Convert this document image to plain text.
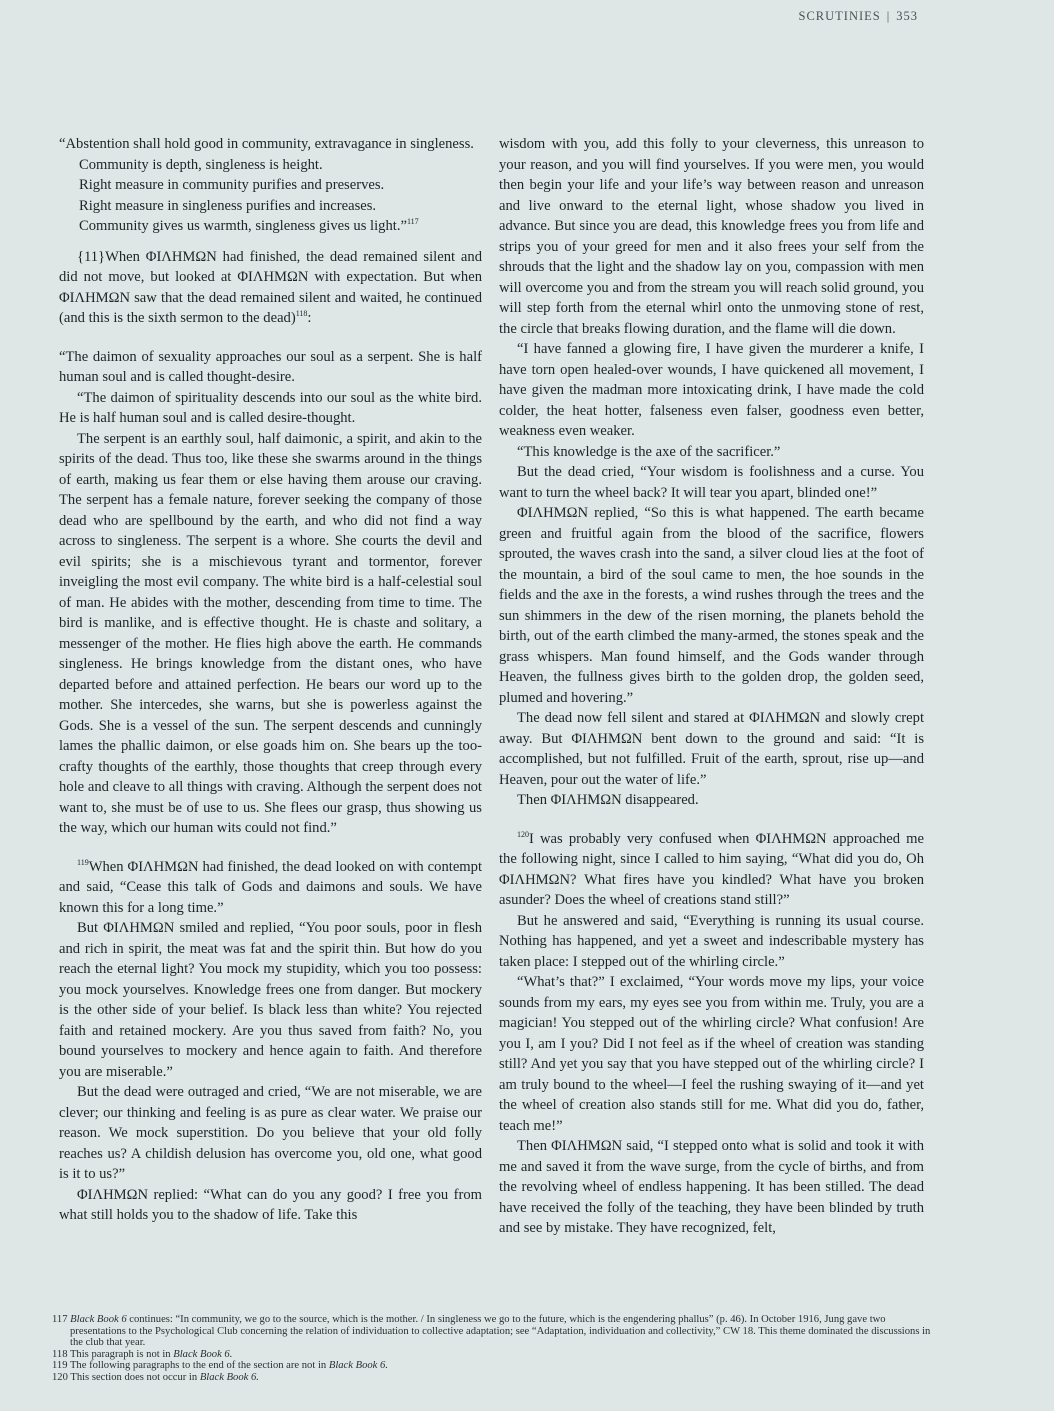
SCRUTINIES | 353

“Abstention shall hold good in community, extravagance in singleness.

Community is depth, singleness is height.
Right measure in community purifies and preserves.
Right measure in singleness purifies and increases.
Community gives us warmth, singleness gives us light.”$^{117}$

{11}When ΦΙΛΗΜΩΝ had finished, the dead remained silent and did not move, but looked at ΦΙΛΗΜΩΝ with expectation. But when ΦΙΛΗΜΩΝ saw that the dead remained silent and waited, he continued (and this is the sixth sermon to the dead)$^{118}$:

“The daimon of sexuality approaches our soul as a serpent. She is half human soul and is called thought-desire.

“The daimon of spirituality descends into our soul as the white bird. He is half human soul and is called desire-thought.

The serpent is an earthly soul, half daimonic, a spirit, and akin to the spirits of the dead. Thus too, like these she swarms around in the things of earth, making us fear them or else having them arouse our craving. The serpent has a female nature, forever seeking the company of those dead who are spellbound by the earth, and who did not find a way across to singleness. The serpent is a whore. She courts the devil and evil spirits; she is a mischievous tyrant and tormentor, forever inveigling the most evil company. The white bird is a half-celestial soul of man. He abides with the mother, descending from time to time. The bird is manlike, and is effective thought. He is chaste and solitary, a messenger of the mother. He flies high above the earth. He commands singleness. He brings knowledge from the distant ones, who have departed before and attained perfection. He bears our word up to the mother. She intercedes, she warns, but she is powerless against the Gods. She is a vessel of the sun. The serpent descends and cunningly lames the phallic daimon, or else goads him on. She bears up the too-crafty thoughts of the earthly, those thoughts that creep through every hole and cleave to all things with craving. Although the serpent does not want to, she must be of use to us. She flees our grasp, thus showing us the way, which our human wits could not find.”

$^{119}$When ΦΙΛΗΜΩΝ had finished, the dead looked on with contempt and said, “Cease this talk of Gods and daimons and souls. We have known this for a long time.”

But ΦΙΛΗΜΩΝ smiled and replied, “You poor souls, poor in flesh and rich in spirit, the meat was fat and the spirit thin. But how do you reach the eternal light? You mock my stupidity, which you too possess: you mock yourselves. Knowledge frees one from danger. But mockery is the other side of your belief. Is black less than white? You rejected faith and retained mockery. Are you thus saved from faith? No, you bound yourselves to mockery and hence again to faith. And therefore you are miserable.”

But the dead were outraged and cried, “We are not miserable, we are clever; our thinking and feeling is as pure as clear water. We praise our reason. We mock superstition. Do you believe that your old folly reaches us? A childish delusion has overcome you, old one, what good is it to us?”

ΦΙΛΗΜΩΝ replied: “What can do you any good? I free you from what still holds you to the shadow of life. Take this

wisdom with you, add this folly to your cleverness, this unreason to your reason, and you will find yourselves. If you were men, you would then begin your life and your life’s way between reason and unreason and live onward to the eternal light, whose shadow you lived in advance. But since you are dead, this knowledge frees you from life and strips you of your greed for men and it also frees your self from the shrouds that the light and the shadow lay on you, compassion with men will overcome you and from the stream you will reach solid ground, you will step forth from the eternal whirl onto the unmoving stone of rest, the circle that breaks flowing duration, and the flame will die down.

“I have fanned a glowing fire, I have given the murderer a knife, I have torn open healed-over wounds, I have quickened all movement, I have given the madman more intoxicating drink, I have made the cold colder, the heat hotter, falseness even falser, goodness even better, weakness even weaker.

“This knowledge is the axe of the sacrificer.”

But the dead cried, “Your wisdom is foolishness and a curse. You want to turn the wheel back? It will tear you apart, blinded one!”

ΦΙΛΗΜΩΝ replied, “So this is what happened. The earth became green and fruitful again from the blood of the sacrifice, flowers sprouted, the waves crash into the sand, a silver cloud lies at the foot of the mountain, a bird of the soul came to men, the hoe sounds in the fields and the axe in the forests, a wind rushes through the trees and the sun shimmers in the dew of the risen morning, the planets behold the birth, out of the earth climbed the many-armed, the stones speak and the grass whispers. Man found himself, and the Gods wander through Heaven, the fullness gives birth to the golden drop, the golden seed, plumed and hovering.”

The dead now fell silent and stared at ΦΙΛΗΜΩΝ and slowly crept away. But ΦΙΛΗΜΩΝ bent down to the ground and said: “It is accomplished, but not fulfilled. Fruit of the earth, sprout, rise up—and Heaven, pour out the water of life.”

Then ΦΙΛΗΜΩΝ disappeared.

$^{120}$I was probably very confused when ΦΙΛΗΜΩΝ approached me the following night, since I called to him saying, “What did you do, Oh ΦΙΛΗΜΩΝ? What fires have you kindled? What have you broken asunder? Does the wheel of creations stand still?”

But he answered and said, “Everything is running its usual course. Nothing has happened, and yet a sweet and indescribable mystery has taken place: I stepped out of the whirling circle.”

“What’s that?” I exclaimed, “Your words move my lips, your voice sounds from my ears, my eyes see you from within me. Truly, you are a magician! You stepped out of the whirling circle? What confusion! Are you I, am I you? Did I not feel as if the wheel of creation was standing still? And yet you say that you have stepped out of the whirling circle? I am truly bound to the wheel—I feel the rushing swaying of it—and yet the wheel of creation also stands still for me. What did you do, father, teach me!”

Then ΦΙΛΗΜΩΝ said, “I stepped onto what is solid and took it with me and saved it from the wave surge, from the cycle of births, and from the revolving wheel of endless happening. It has been stilled. The dead have received the folly of the teaching, they have been blinded by truth and see by mistake. They have recognized, felt,

117 Black Book 6 continues: “In community, we go to the source, which is the mother. / In singleness we go to the future, which is the engendering phallus” (p. 46). In October 1916, Jung gave two presentations to the Psychological Club concerning the relation of individuation to collective adaptation; see “Adaptation, individuation and collectivity,” CW 18. This theme dominated the discussions in the club that year.

118 This paragraph is not in Black Book 6.

119 The following paragraphs to the end of the section are not in Black Book 6.

120 This section does not occur in Black Book 6.
